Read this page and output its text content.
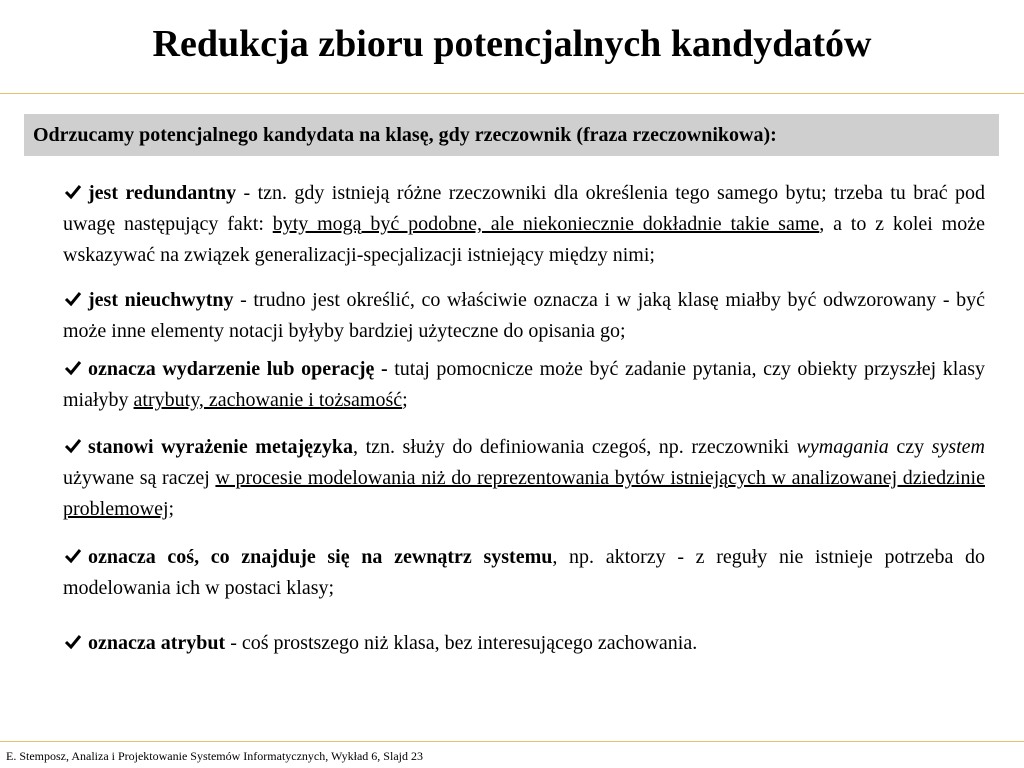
Redukcja zbioru potencjalnych kandydatów
Odrzucamy potencjalnego kandydata na klasę, gdy rzeczownik (fraza rzeczownikowa):

jest redundantny - tzn. gdy istnieją różne rzeczowniki dla określenia tego samego bytu; trzeba tu brać pod uwagę następujący fakt: byty mogą być podobne, ale niekoniecznie dokładnie takie same, a to z kolei może wskazywać na związek generalizacji-specjalizacji istniejący między nimi;

jest nieuchwytny - trudno jest określić, co właściwie oznacza i w jaką klasę miałby być odwzorowany - być może inne elementy notacji byłyby bardziej użyteczne do opisania go;

oznacza wydarzenie lub operację - tutaj pomocnicze może być zadanie pytania, czy obiekty przyszłej klasy miałyby atrybuty, zachowanie i tożsamość;

stanowi wyrażenie metajęzyka, tzn. służy do definiowania czegoś, np. rzeczowniki wymagania czy system używane są raczej w procesie modelowania niż do reprezentowania bytów istniejących w analizowanej dziedzinie problemowej;

oznacza coś, co znajduje się na zewnątrz systemu, np. aktorzy - z reguły nie istnieje potrzeba do modelowania ich w postaci klasy;

oznacza atrybut - coś prostszego niż klasa, bez interesującego zachowania.

E. Stemposz, Analiza i Projektowanie Systemów Informatycznych, Wykład 6, Slajd 23
